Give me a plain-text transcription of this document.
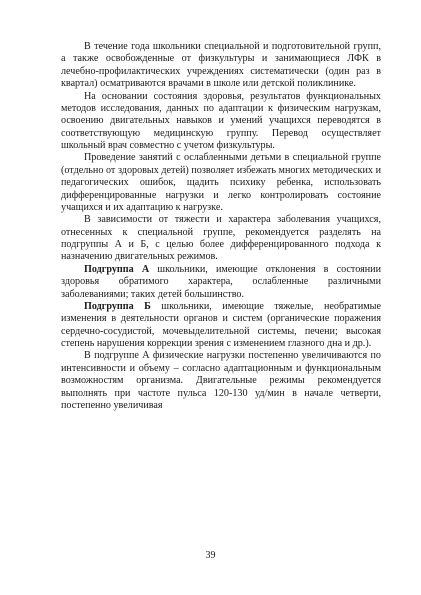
В течение года школьники специальной и подготовительной групп, а также освобожденные от физкультуры и занимающиеся ЛФК в лечебно-профилактических учреждениях систематически (один раз в квартал) осматриваются врачами в школе или детской поликлинике.

На основании состояния здоровья, результатов функциональных методов исследования, данных по адаптации к физическим нагрузкам, освоению двигательных навыков и умений учащихся переводятся в соответствующую медицинскую группу. Перевод осуществляет школьный врач совместно с учетом физкультуры.

Проведение занятий с ослабленными детьми в специальной группе (отдельно от здоровых детей) позволяет избежать многих методических и педагогических ошибок, щадить психику ребенка, использовать дифференцированные нагрузки и легко контролировать состояние учащихся и их адаптацию к нагрузке.

В зависимости от тяжести и характера заболевания учащихся, отнесенных к специальной группе, рекомендуется разделять на подгруппы А и Б, с целью более дифференцированного подхода к назначению двигательных режимов.

Подгруппа А школьники, имеющие отклонения в состоянии здоровья обратимого характера, ослабленные различными заболеваниями; таких детей большинство.

Подгруппа Б школьники, имеющие тяжелые, необратимые изменения в деятельности органов и систем (органические поражения сердечно-сосудистой, мочевыделительной системы, печени; высокая степень нарушения коррекции зрения с изменением глазного дна и др.).

В подгруппе А физические нагрузки постепенно увеличиваются по интенсивности и объему – согласно адаптационным и функциональным возможностям организма. Двигательные режимы рекомендуется выполнять при частоте пульса 120-130 уд/мин в начале четверти, постепенно увеличивая

39
